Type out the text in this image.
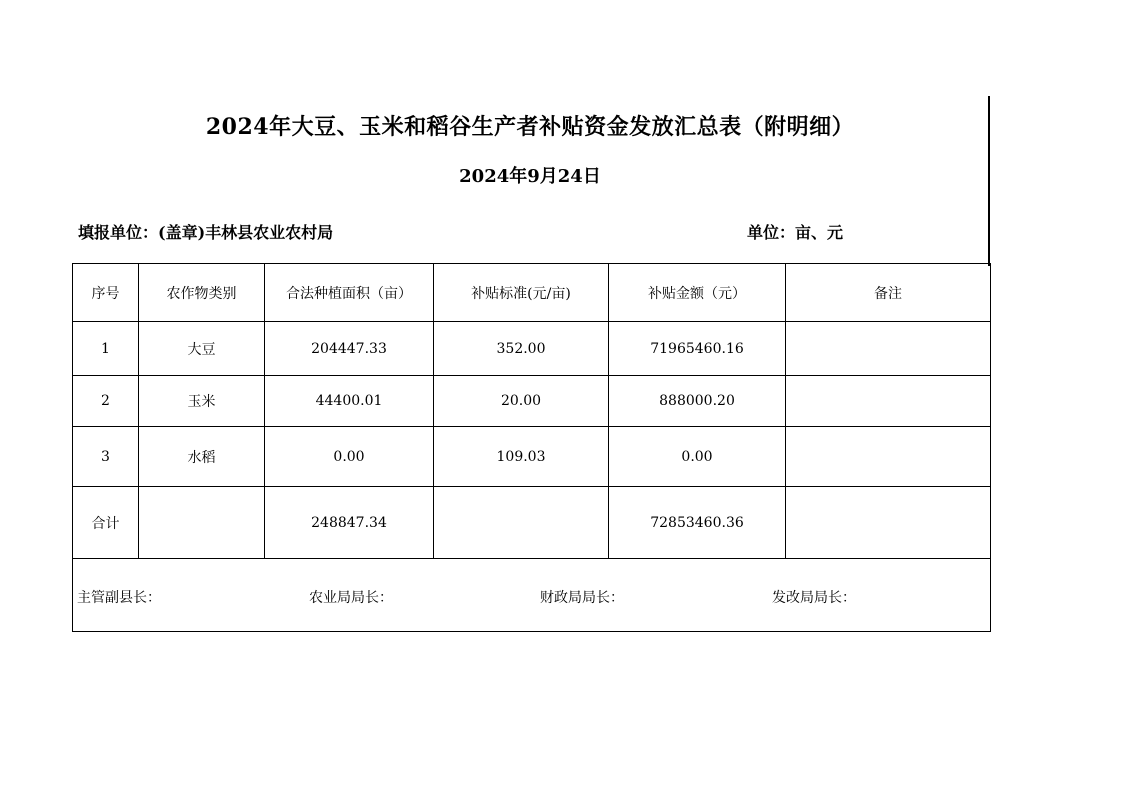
2024年大豆、玉米和稻谷生产者补贴资金发放汇总表（附明细）
2024年9月24日
填报单位：(盖章)丰林县农业农村局	单位：亩、元
序号	农作物类别	合法种植面积（亩）	补贴标准(元/亩)	补贴金额（元）	备注
1	大豆	204447.33	352.00	71965460.16	
2	玉米	44400.01	20.00	888000.20	
3	水稻	0.00	109.03	0.00	
合计		248847.34		72853460.36	

主管副县长： 农业局局长： 财政局局长： 发改局局长：					
